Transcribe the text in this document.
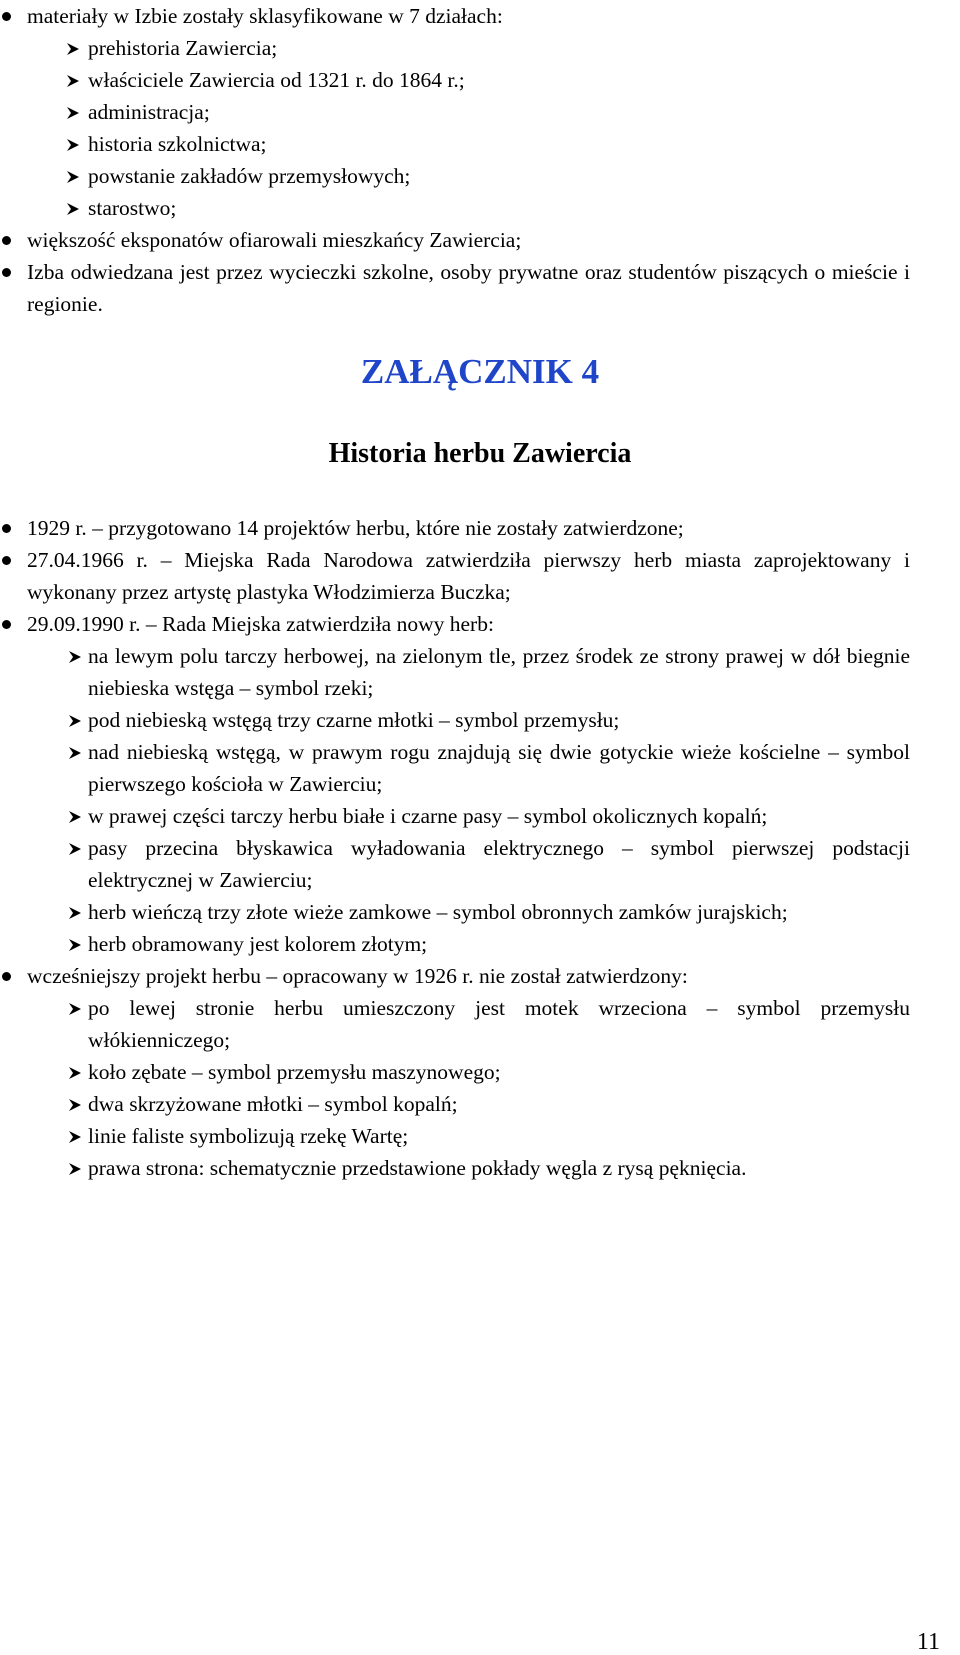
materiały w Izbie zostały sklasyfikowane w 7 działach:
prehistoria Zawiercia;
właściciele Zawiercia od 1321 r. do 1864 r.;
administracja;
historia szkolnictwa;
powstanie zakładów przemysłowych;
starostwo;
większość eksponatów ofiarowali mieszkańcy Zawiercia;
Izba odwiedzana jest przez wycieczki szkolne, osoby prywatne oraz studentów piszących o mieście i regionie.
ZAŁĄCZNIK 4
Historia herbu Zawiercia
1929 r. – przygotowano 14 projektów herbu, które nie zostały zatwierdzone;
27.04.1966 r. – Miejska Rada Narodowa zatwierdziła pierwszy herb miasta zaprojektowany i wykonany przez artystę plastyka Włodzimierza Buczka;
29.09.1990 r. – Rada Miejska zatwierdziła nowy herb:
na lewym polu tarczy herbowej, na zielonym tle, przez środek ze strony prawej w dół biegnie niebieska wstęga – symbol rzeki;
pod niebieską wstęgą trzy czarne młotki – symbol przemysłu;
nad niebieską wstęgą, w prawym rogu znajdują się dwie gotyckie wieże kościelne – symbol pierwszego kościoła w Zawierciu;
w prawej części tarczy herbu białe i czarne pasy – symbol okolicznych kopalń;
pasy przecina błyskawica wyładowania elektrycznego – symbol pierwszej podstacji elektrycznej w Zawierciu;
herb wieńczą trzy złote wieże zamkowe – symbol obronnych zamków jurajskich;
herb obramowany jest kolorem złotym;
wcześniejszy projekt herbu – opracowany w 1926 r. nie został zatwierdzony:
po lewej stronie herbu umieszczony jest motek wrzeciona – symbol przemysłu włókienniczego;
koło zębate – symbol przemysłu maszynowego;
dwa skrzyżowane młotki – symbol kopalń;
linie faliste symbolizują rzekę Wartę;
prawa strona: schematycznie przedstawione pokłady węgla z rysą pęknięcia.
11
